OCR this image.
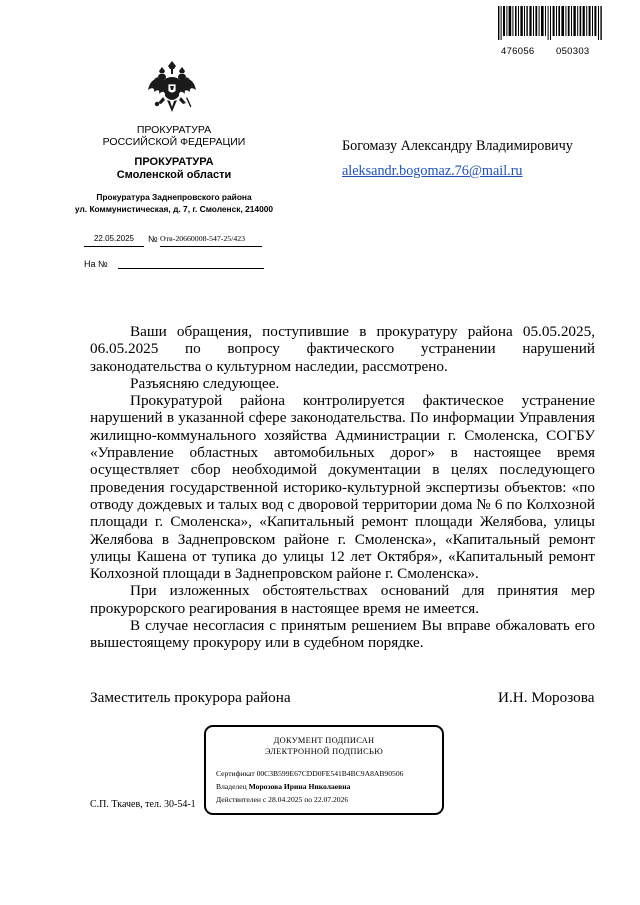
476056 050303
ПРОКУРАТУРА
РОССИЙСКОЙ ФЕДЕРАЦИИ
ПРОКУРАТУРА
Смоленской области
Прокуратура Заднепровского района
ул. Коммунистическая, д. 7, г. Смоленск, 214000
22.05.2025	№ Отв-20660008-547-25/423
На №
Богомазу Александру Владимировичу
aleksandr.bogomaz.76@mail.ru

Ваши обращения, поступившие в прокуратуру района 05.05.2025, 06.05.2025 по вопросу фактического устранении нарушений законодательства о культурном наследии, рассмотрено.

Разъясняю следующее.

Прокуратурой района контролируется фактическое устранение нарушений в указанной сфере законодательства. По информации Управления жилищно-коммунального хозяйства Администрации г. Смоленска, СОГБУ «Управление областных автомобильных дорог» в настоящее время осуществляет сбор необходимой документации в целях последующего проведения государственной историко-культурной экспертизы объектов: «по отводу дождевых и талых вод с дворовой территории дома № 6 по Колхозной площади г. Смоленска», «Капитальный ремонт площади Желябова, улицы Желябова в Заднепровском районе г. Смоленска», «Капитальный ремонт улицы Кашена от тупика до улицы 12 лет Октября», «Капитальный ремонт Колхозной площади в Заднепровском районе г. Смоленска».

При изложенных обстоятельствах оснований для принятия мер прокурорского реагирования в настоящее время не имеется.

В случае несогласия с принятым решением Вы вправе обжаловать его вышестоящему прокурору или в судебном порядке.

Заместитель прокурора района	И.Н. Морозова
ДОКУМЕНТ ПОДПИСАН
ЭЛЕКТРОННОЙ ПОДПИСЬЮ
Сертификат 00C3B599E67CDD0FE541B4BC9A8AB90506
Владелец Морозова Ирина Николаевна
Действителен с 28.04.2025 по 22.07.2026
С.П. Ткачев, тел. 30-54-1
